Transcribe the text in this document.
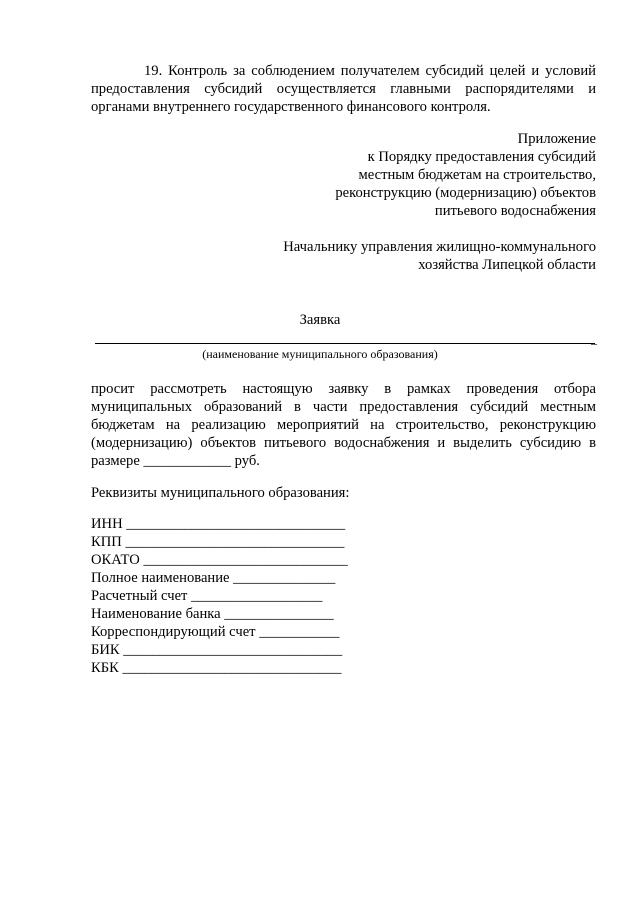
19. Контроль за соблюдением получателем субсидий целей и условий предоставления субсидий осуществляется главными распорядителями и органами внутреннего государственного финансового контроля.
Приложение
к Порядку предоставления субсидий
местным бюджетам на строительство,
реконструкцию (модернизацию) объектов
питьевого водоснабжения
Начальнику управления жилищно-коммунального
хозяйства Липецкой области
Заявка
–
(наименование муниципального образования)
просит рассмотреть настоящую заявку в рамках проведения отбора муниципальных образований в части предоставления субсидий местным бюджетам на реализацию мероприятий на строительство, реконструкцию (модернизацию) объектов питьевого водоснабжения и выделить субсидию в размере ____________ руб.
Реквизиты муниципального образования:
ИНН ______________________________
КПП ______________________________
ОКАТО ____________________________
Полное наименование ______________
Расчетный счет __________________
Наименование банка _______________
Корреспондирующий счет ___________
БИК ______________________________
КБК ______________________________
